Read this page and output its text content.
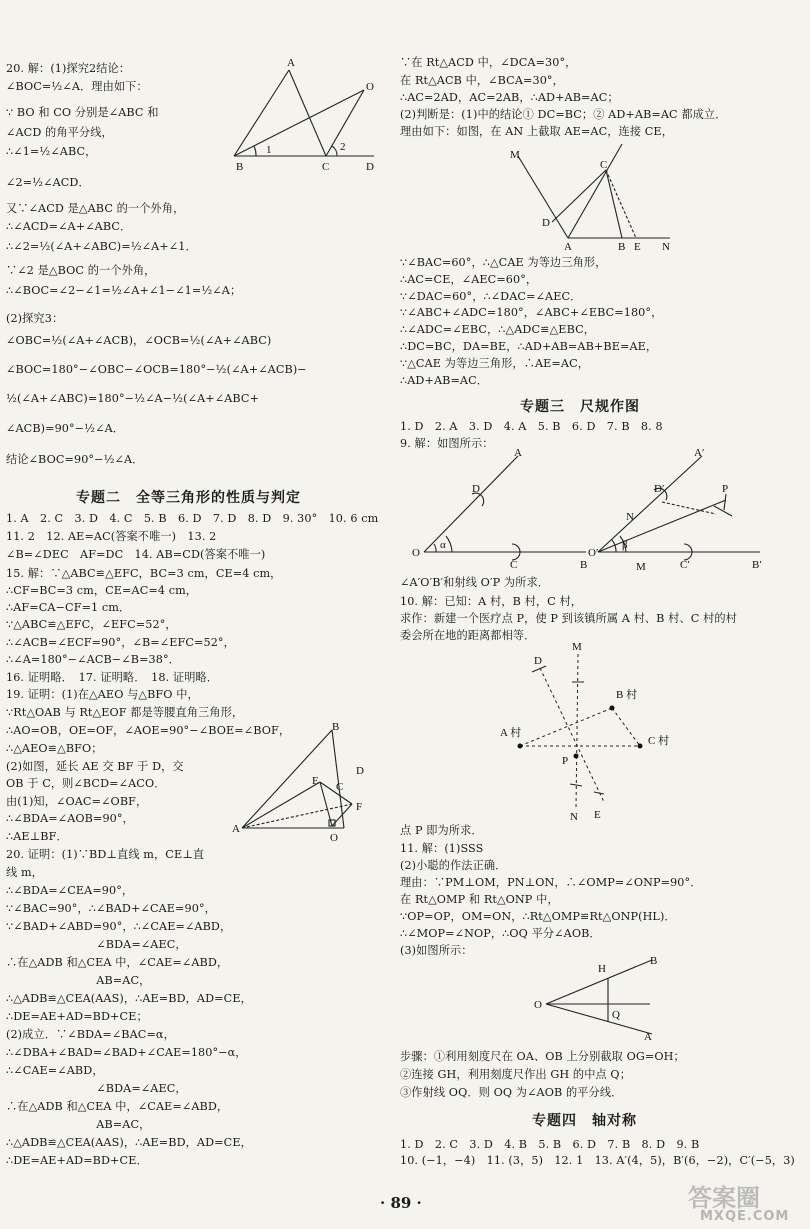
20. 解：(1)探究2结论：
∠BOC=½∠A．理由如下：
∵ BO 和 CO 分别是∠ABC 和
∠ACD 的角平分线，
∴∠1=½∠ABC，
∠2=½∠ACD．
又∵∠ACD 是△ABC 的一个外角，
∴∠ACD=∠A+∠ABC．
∴∠2=½(∠A+∠ABC)=½∠A+∠1．
∵∠2 是△BOC 的一个外角，
∴∠BOC=∠2−∠1=½∠A+∠1−∠1=½∠A；
(2)探究3：
∠OBC=½(∠A+∠ACB)，∠OCB=½(∠A+∠ABC)
∠BOC=180°−∠OBC−∠OCB=180°−½(∠A+∠ACB)−
½(∠A+∠ABC)=180°−½∠A−½(∠A+∠ABC+
∠ACB)=90°−½∠A．
结论∠BOC=90°−½∠A．
A
O
B	C	D
1	2
专题二　全等三角形的性质与判定
1. A　2. C　3. D　4. C　5. B　6. D　7. D　8. D　9. 30°　10. 6 cm
11. 2　12. AE=AC(答案不唯一)　13. 2
∠B=∠DEC　AF=DC　14. AB=CD(答案不唯一)
15. 解：∵△ABC≌△EFC，BC=3 cm，CE=4 cm，
∴CF=BC=3 cm，CE=AC=4 cm，
∴AF=CA−CF=1 cm．
∵△ABC≌△EFC，∠EFC=52°，
∴∠ACB=∠ECF=90°，∠B=∠EFC=52°，
∴∠A=180°−∠ACB−∠B=38°．
16. 证明略．　17. 证明略．　18. 证明略．
19. 证明：(1)在△AEO 与△BFO 中，
∵Rt△OAB 与 Rt△EOF 都是等腰直角三角形，
∴AO=OB，OE=OF，∠AOE=90°−∠BOE=∠BOF，
∴△AEO≌△BFO；
(2)如图，延长 AE 交 BF 于 D，交
OB 于 C，则∠BCD=∠ACO．
由(1)知，∠OAC=∠OBF，
∴∠BDA=∠AOB=90°，
∴AE⊥BF．
20. 证明：(1)∵BD⊥直线 m，CE⊥直
线 m，
∴∠BDA=∠CEA=90°，
∵∠BAC=90°，∴∠BAD+∠CAE=90°，
∵∠BAD+∠ABD=90°，∴∠CAE=∠ABD，
　　　　　　　　∠BDA=∠AEC，
∴在△ADB 和△CEA 中，∠CAE=∠ABD，
　　　　　　　　AB=AC，
∴△ADB≌△CEA(AAS)，∴AE=BD，AD=CE，
∴DE=AE+AD=BD+CE；
(2)成立．∵∠BDA=∠BAC=α，
∴∠DBA+∠BAD=∠BAD+∠CAE=180°−α，
∴∠CAE=∠ABD，
　　　　　　　　∠BDA=∠AEC，
∴在△ADB 和△CEA 中，∠CAE=∠ABD，
　　　　　　　　AB=AC，
∴△ADB≌△CEA(AAS)，∴AE=BD，AD=CE，
∴DE=AE+AD=BD+CE．
B
D
C
F
E
O
A
∵在 Rt△ACD 中，∠DCA=30°，
在 Rt△ACB 中，∠BCA=30°，
∴AC=2AD，AC=2AB，∴AD+AB=AC；
(2)判断是：(1)中的结论① DC=BC；② AD+AB=AC 都成立．
理由如下：如图，在 AN 上截取 AE=AC，连接 CE，
M
C
D
A	B E N
∵∠BAC=60°，∴△CAE 为等边三角形，
∴AC=CE，∠AEC=60°，
∵∠DAC=60°，∴∠DAC=∠AEC．
∵∠ABC+∠ADC=180°，∠ABC+∠EBC=180°，
∴∠ADC=∠EBC，∴△ADC≌△EBC，
∴DC=BC，DA=BE，∴AD+AB=AB+BE=AE，
∵△CAE 为等边三角形，∴AE=AC，
∴AD+AB=AC．
专题三　尺规作图
1. D　2. A　3. D　4. A　5. B　6. D　7. B　8. 8
9. 解：如图所示：
A
D
α
O
C	B
A′
D′
N
P
β
O′
C′
M	B′
∠A′O′B′和射线 O′P 为所求．
10. 解：已知：A 村，B 村，C 村，
求作：新建一个医疗点 P，使 P 到该镇所属 A 村、B 村、C 村的村
委会所在地的距离都相等．
D
M
B 村
A 村
C 村
P
N E
点 P 即为所求．
11. 解：(1)SSS
(2)小聪的作法正确．
理由：∵PM⊥OM，PN⊥ON，∴∠OMP=∠ONP=90°．
在 Rt△OMP 和 Rt△ONP 中，
∵OP=OP，OM=ON，∴Rt△OMP≌Rt△ONP(HL)．
∴∠MOP=∠NOP，∴OQ 平分∠AOB．
(3)如图所示：
H
B
O
Q
A
步骤：①利用刻度尺在 OA、OB 上分别截取 OG=OH；
②连接 GH，利用刻度尺作出 GH 的中点 Q；
③作射线 OQ．则 OQ 为∠AOB 的平分线．
专题四　轴对称
1. D　2. C　3. D　4. B　5. B　6. D　7. B　8. D　9. B
10. (−1，−4)　11. (3，5)　12. 1　13. A′(4，5)，B′(6，−2)，C′(−5，3)
· 89 ·	答案圈
MXQE.COM
